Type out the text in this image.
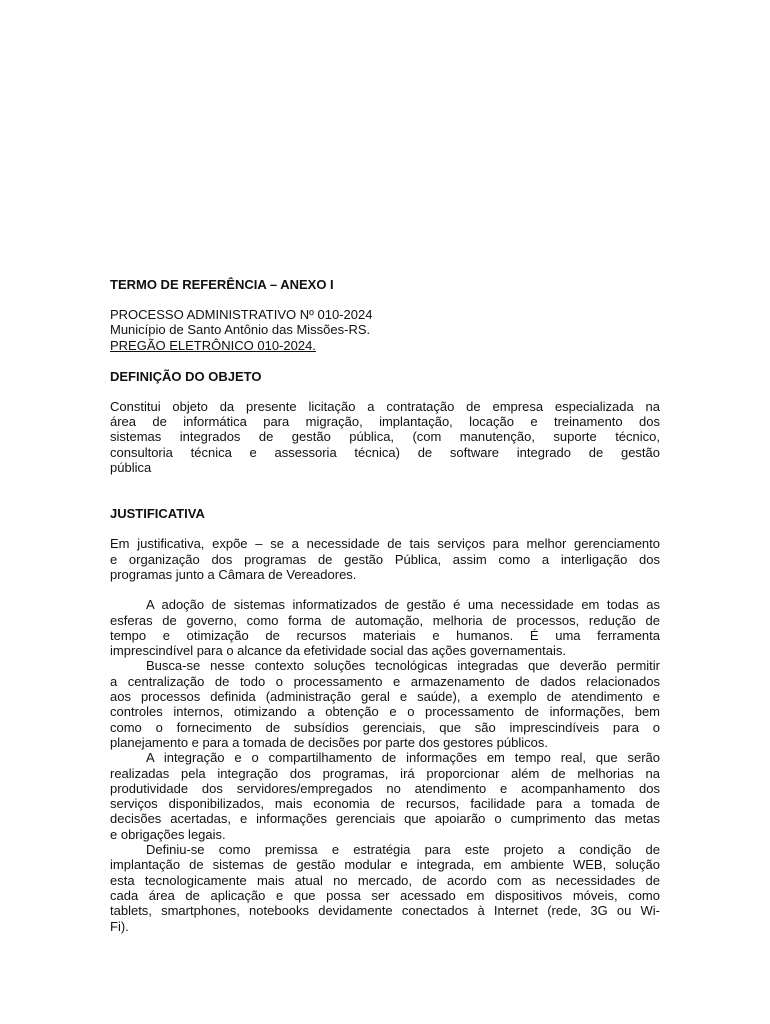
TERMO DE REFERÊNCIA – ANEXO I
PROCESSO ADMINISTRATIVO Nº 010-2024
Município de Santo Antônio das Missões-RS.
PREGÃO ELETRÔNICO 010-2024.
DEFINIÇÃO DO OBJETO
Constitui objeto da presente licitação a contratação de empresa especializada na
área de informática para migração, implantação, locação e treinamento dos
sistemas integrados de gestão pública, (com manutenção, suporte técnico,
consultoria técnica e assessoria técnica) de software integrado de gestão
pública
JUSTIFICATIVA
Em justificativa, expõe – se a necessidade de tais serviços para melhor gerenciamento
e organização dos programas de gestão Pública, assim como a interligação dos
programas junto a Câmara de Vereadores.
A adoção de sistemas informatizados de gestão é uma necessidade em todas as
esferas de governo, como forma de automação, melhoria de processos, redução de
tempo e otimização de recursos materiais e humanos. É uma ferramenta
imprescindível para o alcance da efetividade social das ações governamentais.
Busca-se nesse contexto soluções tecnológicas integradas que deverão permitir
a centralização de todo o processamento e armazenamento de dados relacionados
aos processos definida (administração geral e saúde), a exemplo de atendimento e
controles internos, otimizando a obtenção e o processamento de informações, bem
como o fornecimento de subsídios gerenciais, que são imprescindíveis para o
planejamento e para a tomada de decisões por parte dos gestores públicos.
A integração e o compartilhamento de informações em tempo real, que serão
realizadas pela integração dos programas, irá proporcionar além de melhorias na
produtividade dos servidores/empregados no atendimento e acompanhamento dos
serviços disponibilizados, mais economia de recursos, facilidade para a tomada de
decisões acertadas, e informações gerenciais que apoiarão o cumprimento das metas
e obrigações legais.
Definiu-se como premissa e estratégia para este projeto a condição de
implantação de sistemas de gestão modular e integrada, em ambiente WEB, solução
esta tecnologicamente mais atual no mercado, de acordo com as necessidades de
cada área de aplicação e que possa ser acessado em dispositivos móveis, como
tablets, smartphones, notebooks devidamente conectados à Internet (rede, 3G ou Wi-
Fi).
